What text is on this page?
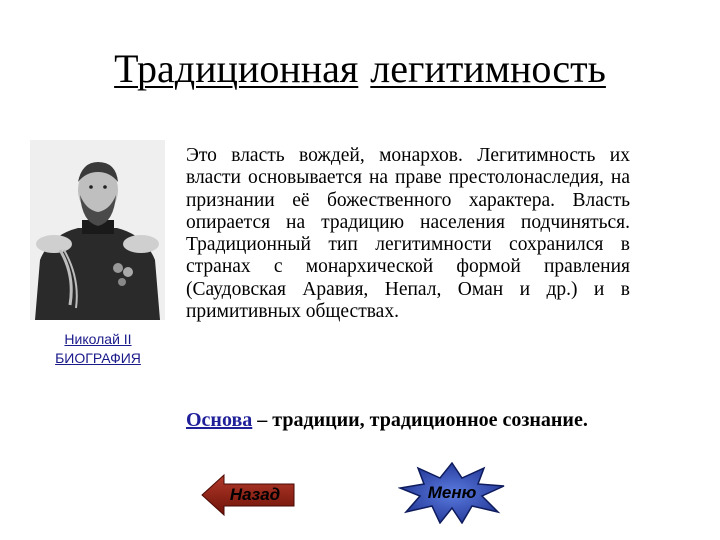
Традиционная легитимность
Николай II
БИОГРАФИЯ
Это власть вождей, монархов. Легитимность их власти основывается на праве престолонаследия, на признании её божественного характера. Власть опирается на традицию населения подчиняться. Традиционный тип легитимности сохранился в странах с монархической формой правления (Саудовская Аравия, Непал, Оман и др.) и в примитивных обществах.
Основа – традиции, традиционное сознание.
Назад	Меню
